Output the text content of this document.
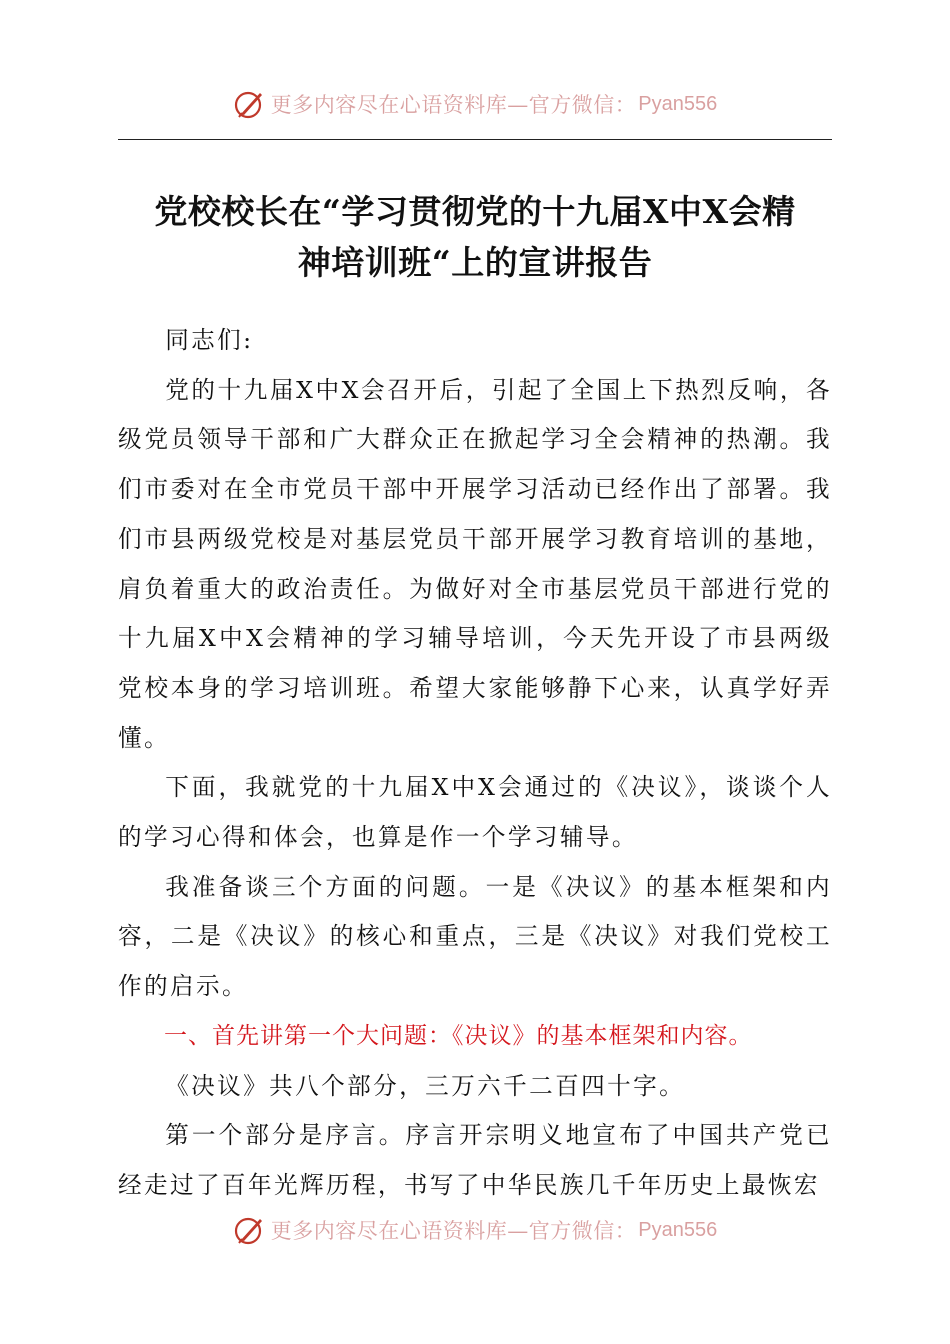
更多内容尽在心语资料库—官方微信： Pyan556
党校校长在“学习贯彻党的十九届X中X会精
神培训班“上的宣讲报告

同志们:

党的十九届X中X会召开后，引起了全国上下热烈反响，各级党员领导干部和广大群众正在掀起学习全会精神的热潮。我们市委对在全市党员干部中开展学习活动已经作出了部署。我们市县两级党校是对基层党员干部开展学习教育培训的基地，肩负着重大的政治责任。为做好对全市基层党员干部进行党的十九届X中X会精神的学习辅导培训，今天先开设了市县两级党校本身的学习培训班。希望大家能够静下心来，认真学好弄懂。

下面，我就党的十九届X中X会通过的《决议》，谈谈个人的学习心得和体会，也算是作一个学习辅导。

我准备谈三个方面的问题。一是《决议》的基本框架和内容，二是《决议》的核心和重点，三是《决议》对我们党校工作的启示。

一、首先讲第一个大问题：《决议》的基本框架和内容。

《决议》共八个部分，三万六千二百四十字。

第一个部分是序言。序言开宗明义地宣布了中国共产党已经走过了百年光辉历程，书写了中华民族几千年历史上最恢宏

更多内容尽在心语资料库—官方微信： Pyan556
